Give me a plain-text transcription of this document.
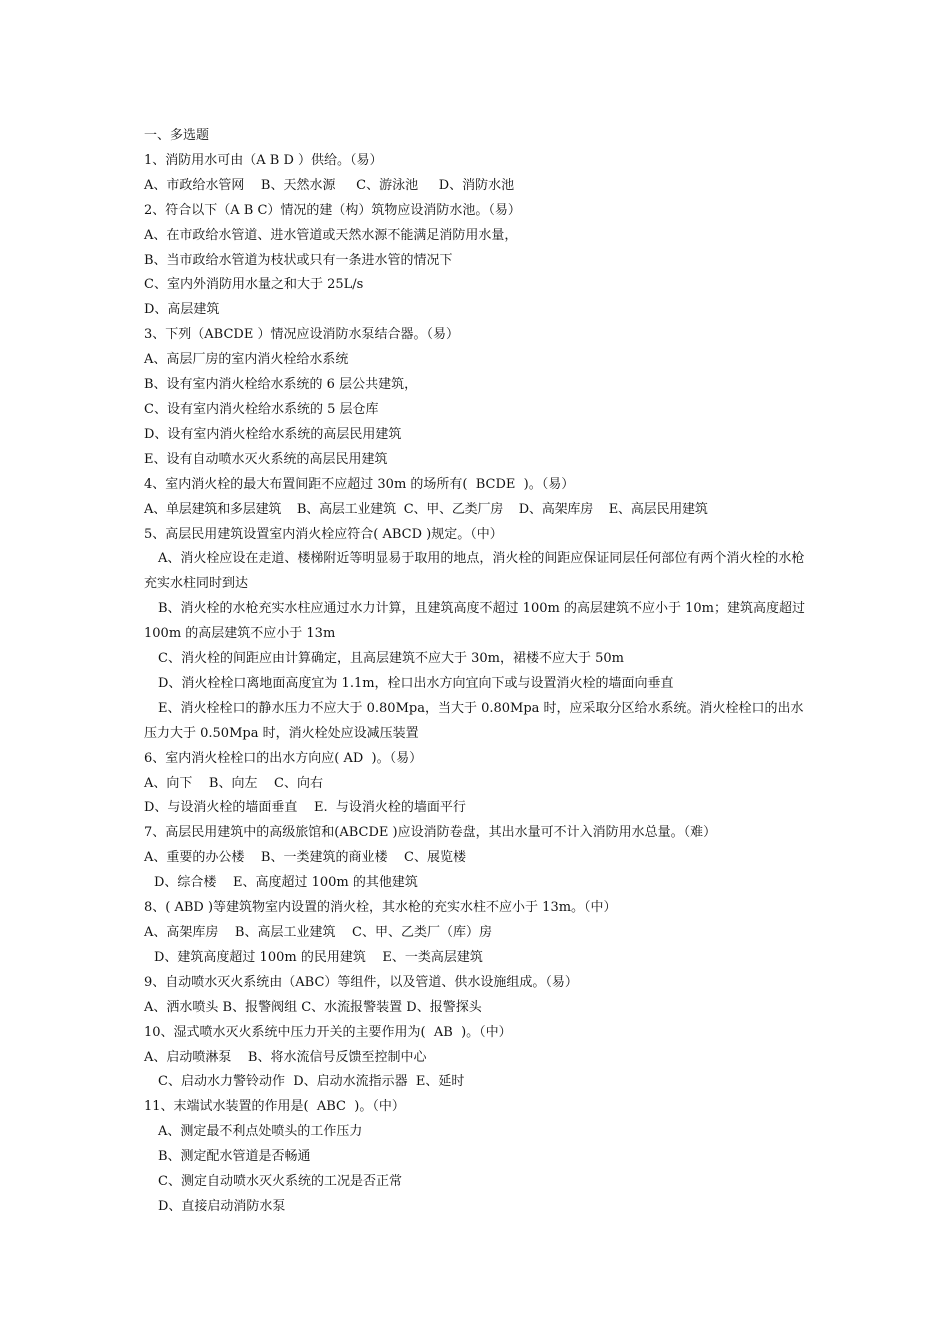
一、多选题
1、消防用水可由（A B D ）供给。（易）
A、市政给水管网    B、天然水源     C、游泳池     D、消防水池
2、符合以下（A B C）情况的建（构）筑物应设消防水池。（易）
A、在市政给水管道、进水管道或天然水源不能满足消防用水量，
B、当市政给水管道为枝状或只有一条进水管的情况下
C、室内外消防用水量之和大于 25L/s
D、高层建筑
3、下列（ABCDE ）情况应设消防水泵结合器。（易）
A、高层厂房的室内消火栓给水系统
B、设有室内消火栓给水系统的 6 层公共建筑，
C、设有室内消火栓给水系统的 5 层仓库
D、设有室内消火栓给水系统的高层民用建筑
E、设有自动喷水灭火系统的高层民用建筑
4、室内消火栓的最大布置间距不应超过 30m 的场所有(  BCDE  )。（易）
A、单层建筑和多层建筑    B、高层工业建筑  C、甲、乙类厂房    D、高架库房    E、高层民用建筑
5、高层民用建筑设置室内消火栓应符合( ABCD )规定。（中）
A、消火栓应设在走道、楼梯附近等明显易于取用的地点，消火栓的间距应保证同层任何部位有两个消火栓的水枪充实水柱同时到达
B、消火栓的水枪充实水柱应通过水力计算，且建筑高度不超过 100m 的高层建筑不应小于 10m；建筑高度超过 100m 的高层建筑不应小于 13m
C、消火栓的间距应由计算确定，且高层建筑不应大于 30m，裙楼不应大于 50m
D、消火栓栓口离地面高度宜为 1.1m，栓口出水方向宜向下或与设置消火栓的墙面向垂直
E、消火栓栓口的静水压力不应大于 0.80Mpa，当大于 0.80Mpa 时，应采取分区给水系统。消火栓栓口的出水压力大于 0.50Mpa 时，消火栓处应设减压装置
6、室内消火栓栓口的出水方向应( AD  )。（易）
A、向下    B、向左    C、向右
D、与设消火栓的墙面垂直    E.  与设消火栓的墙面平行
7、高层民用建筑中的高级旅馆和(ABCDE )应设消防卷盘，其出水量可不计入消防用水总量。（难）
A、重要的办公楼    B、一类建筑的商业楼    C、展览楼
D、综合楼    E、高度超过 100m 的其他建筑
8、( ABD )等建筑物室内设置的消火栓，其水枪的充实水柱不应小于 13m。（中）
A、高架库房    B、高层工业建筑    C、甲、乙类厂（库）房
D、建筑高度超过 100m 的民用建筑    E、一类高层建筑
9、自动喷水灭火系统由（ABC）等组件，以及管道、供水设施组成。（易）
A、洒水喷头 B、报警阀组 C、水流报警装置 D、报警探头
10、湿式喷水灭火系统中压力开关的主要作用为(  AB  )。（中）
A、启动喷淋泵    B、将水流信号反馈至控制中心
C、启动水力警铃动作  D、启动水流指示器  E、延时
11、末端试水装置的作用是(  ABC  )。（中）
A、测定最不利点处喷头的工作压力
B、测定配水管道是否畅通
C、测定自动喷水灭火系统的工况是否正常
D、直接启动消防水泵
